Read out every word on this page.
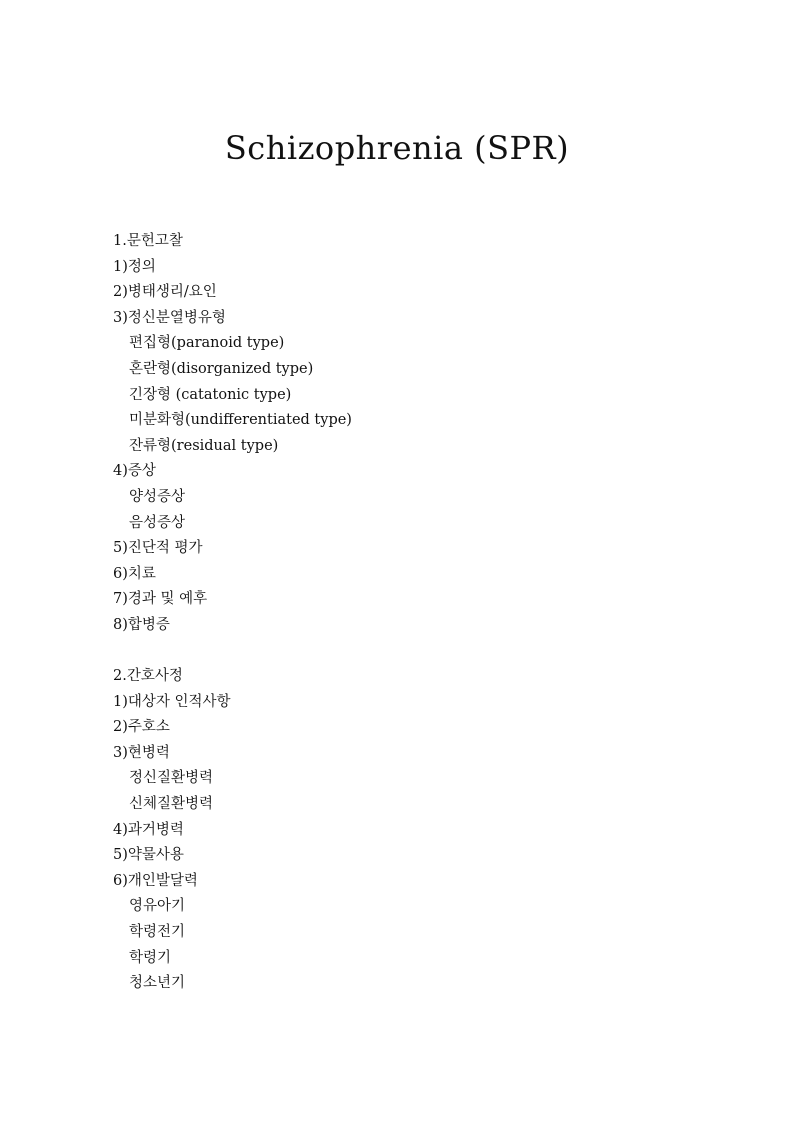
Schizophrenia (SPR)
1.문헌고찰
1)정의
2)병태생리/요인
3)정신분열병유형
편집형(paranoid type)
혼란형(disorganized type)
긴장형 (catatonic type)
미분화형(undifferentiated type)
잔류형(residual type)
4)증상
양성증상
음성증상
5)진단적 평가
6)치료
7)경과 및 예후
8)합병증
2.간호사정
1)대상자 인적사항
2)주호소
3)현병력
정신질환병력
신체질환병력
4)과거병력
5)약물사용
6)개인발달력
영유아기
학령전기
학령기
청소년기
